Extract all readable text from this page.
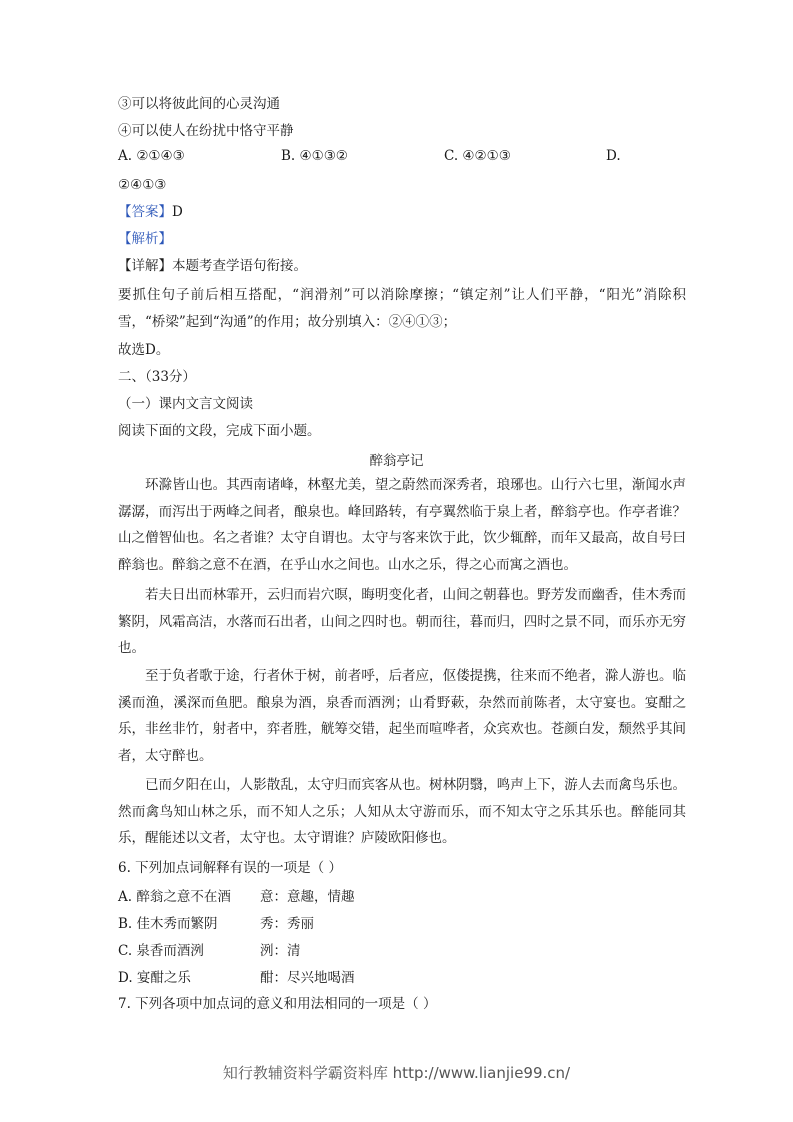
③可以将彼此间的心灵沟通
④可以使人在纷扰中恪守平静
A. ②①④③	B. ④①③②	C. ④②①③	D.
②④①③
【答案】D
【解析】
【详解】本题考查学语句衔接。
要抓住句子前后相互搭配，“润滑剂”可以消除摩擦；“镇定剂”让人们平静，“阳光”消除积雪，“桥梁”起到“沟通”的作用；故分别填入：②④①③；
故选D。
二、（33分）
（一）课内文言文阅读
阅读下面的文段，完成下面小题。
醉翁亭记
环滁皆山也。其西南诸峰，林壑尤美，望之蔚然而深秀者，琅琊也。山行六七里，渐闻水声潺潺，而泻出于两峰之间者，酿泉也。峰回路转，有亭翼然临于泉上者，醉翁亭也。作亭者谁？山之僧智仙也。名之者谁？太守自谓也。太守与客来饮于此，饮少辄醉，而年又最高，故自号曰醉翁也。醉翁之意不在酒，在乎山水之间也。山水之乐，得之心而寓之酒也。
若夫日出而林霏开，云归而岩穴暝，晦明变化者，山间之朝暮也。野芳发而幽香，佳木秀而繁阴，风霜高洁，水落而石出者，山间之四时也。朝而往，暮而归，四时之景不同，而乐亦无穷也。
至于负者歌于途，行者休于树，前者呼，后者应，伛偻提携，往来而不绝者，滁人游也。临溪而渔，溪深而鱼肥。酿泉为酒，泉香而酒洌；山肴野蔌，杂然而前陈者，太守宴也。宴酣之乐，非丝非竹，射者中，弈者胜，觥筹交错，起坐而喧哗者，众宾欢也。苍颜白发，颓然乎其间者，太守醉也。
已而夕阳在山，人影散乱，太守归而宾客从也。树林阴翳，鸣声上下，游人去而禽鸟乐也。然而禽鸟知山林之乐，而不知人之乐；人知从太守游而乐，而不知太守之乐其乐也。醉能同其乐，醒能述以文者，太守也。太守谓谁？庐陵欧阳修也。
6. 下列加点词解释有误的一项是（ ）
A. 醉翁之意不在酒 意：意趣，情趣
B. 佳木秀而繁阴	秀：秀丽
C. 泉香而酒洌	洌：清
D. 宴酣之乐	酣：尽兴地喝酒
7. 下列各项中加点词的意义和用法相同的一项是（ ）
知行教辅资料学霸资料库 http://www.lianjie99.cn/
